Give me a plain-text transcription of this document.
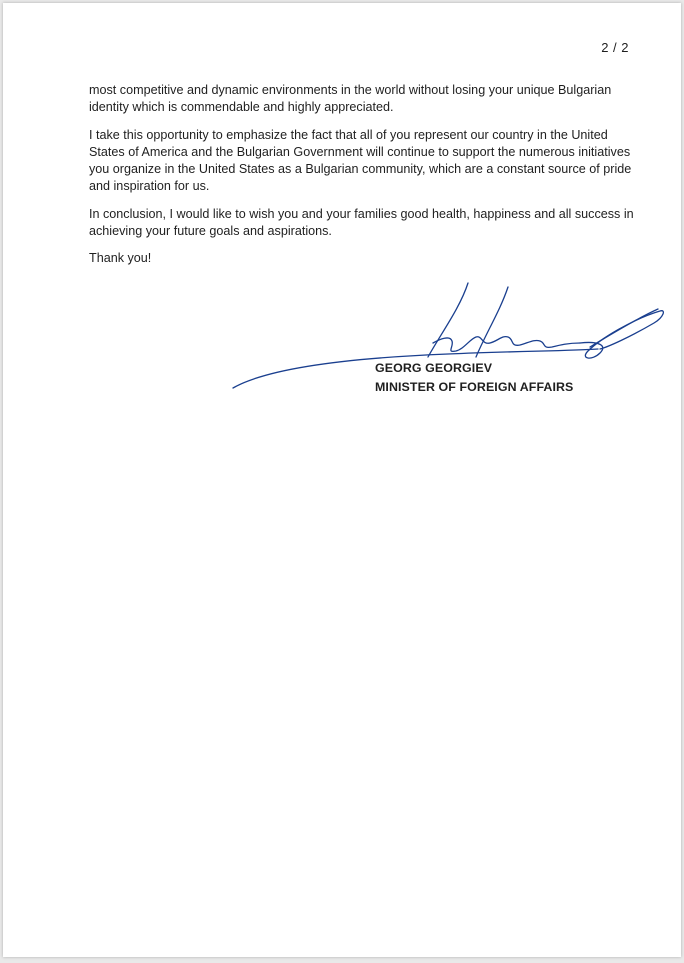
2 / 2

most competitive and dynamic environments in the world without losing your unique Bulgarian identity which is commendable and highly appreciated.

I take this opportunity to emphasize the fact that all of you represent our country in the United States of America and the Bulgarian Government will continue to support the numerous initiatives you organize in the United States as a Bulgarian community, which are a constant source of pride and inspiration for us.

In conclusion, I would like to wish you and your families good health, happiness and all success in achieving your future goals and aspirations.

Thank you!

GEORG GEORGIEV
MINISTER OF FOREIGN AFFAIRS
